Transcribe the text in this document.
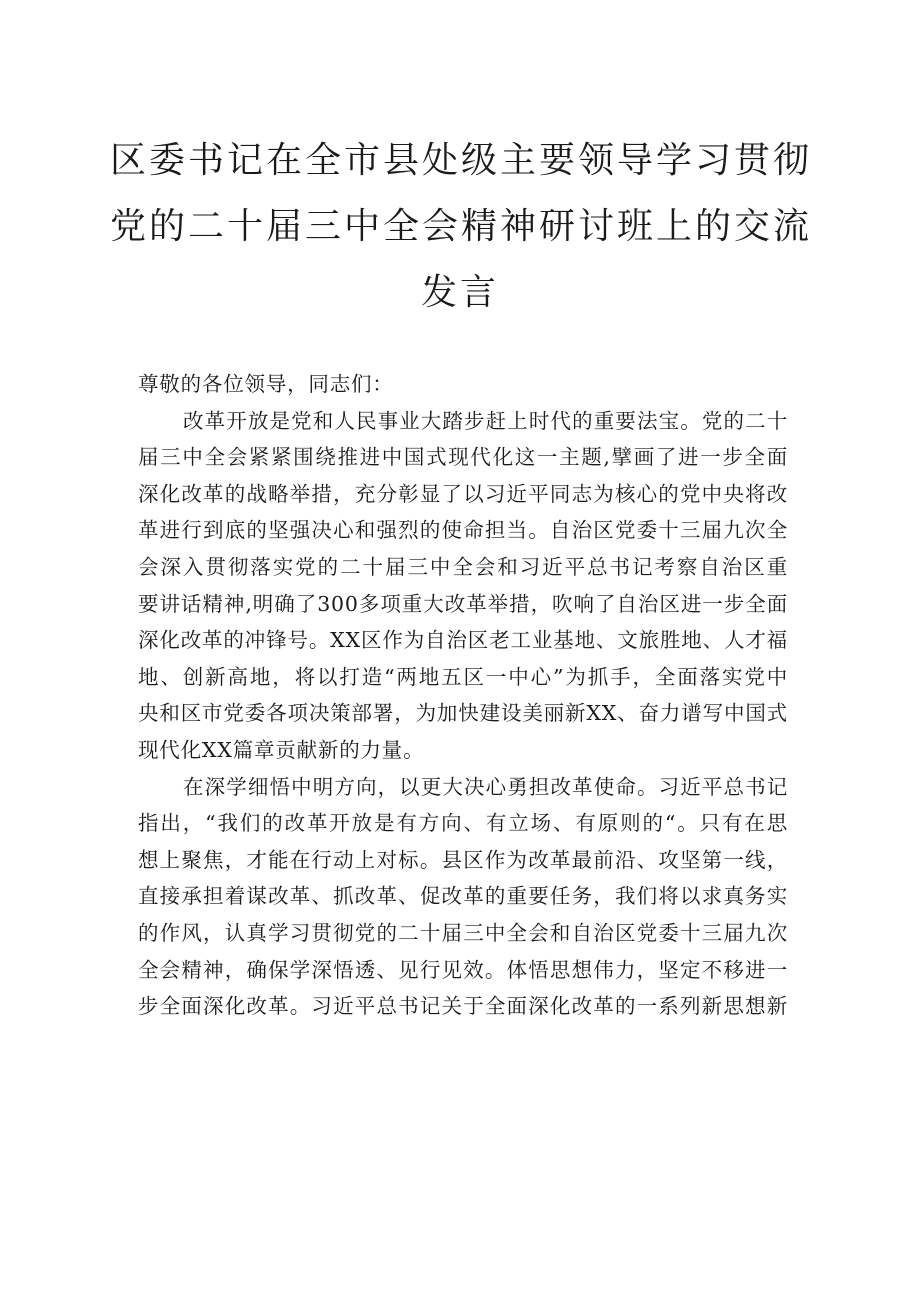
区委书记在全市县处级主要领导学习贯彻
党的二十届三中全会精神研讨班上的交流
发言

尊敬的各位领导，同志们：

改革开放是党和人民事业大踏步赶上时代的重要法宝。党的二十
届三中全会紧紧围绕推进中国式现代化这一主题,擘画了进一步全面
深化改革的战略举措，充分彰显了以习近平同志为核心的党中央将改
革进行到底的坚强决心和强烈的使命担当。自治区党委十三届九次全
会深入贯彻落实党的二十届三中全会和习近平总书记考察自治区重
要讲话精神,明确了300多项重大改革举措，吹响了自治区进一步全面
深化改革的冲锋号。XX区作为自治区老工业基地、文旅胜地、人才福
地、创新高地，将以打造“两地五区一中心”为抓手，全面落实党中
央和区市党委各项决策部署，为加快建设美丽新XX、奋力谱写中国式
现代化XX篇章贡献新的力量。

在深学细悟中明方向，以更大决心勇担改革使命。习近平总书记
指出，“我们的改革开放是有方向、有立场、有原则的“。只有在思
想上聚焦，才能在行动上对标。县区作为改革最前沿、攻坚第一线，
直接承担着谋改革、抓改革、促改革的重要任务，我们将以求真务实
的作风，认真学习贯彻党的二十届三中全会和自治区党委十三届九次
全会精神，确保学深悟透、见行见效。体悟思想伟力，坚定不移进一
步全面深化改革。习近平总书记关于全面深化改革的一系列新思想新
